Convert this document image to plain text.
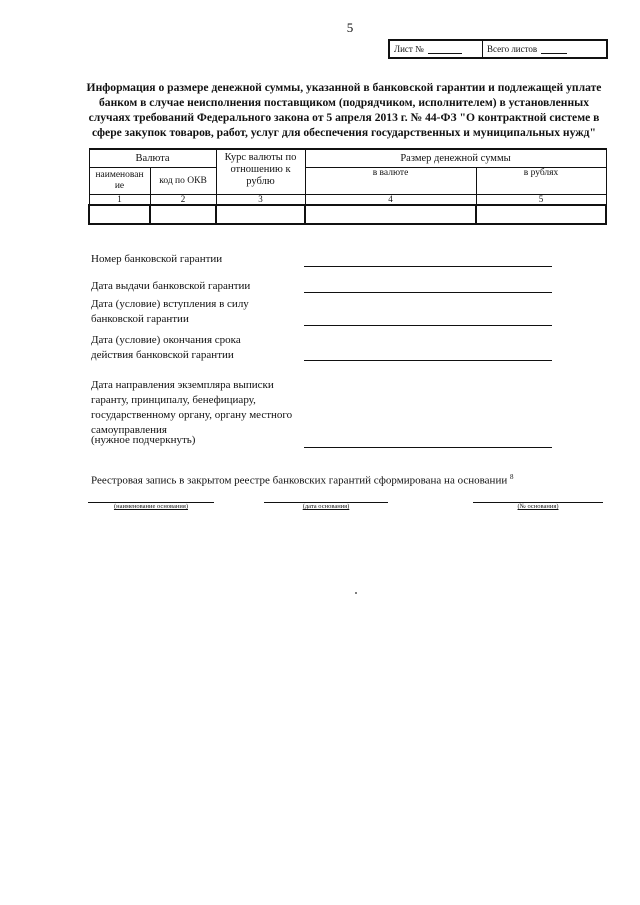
5
Лист №	Всего листов
Информация о размере денежной суммы, указанной в банковской гарантии и подлежащей уплате банком в случае неисполнения поставщиком (подрядчиком, исполнителем) в установленных случаях требований Федерального закона от 5 апреля 2013 г. № 44-ФЗ "О контрактной системе в сфере закупок товаров, работ, услуг для обеспечения государственных и муниципальных нужд"
Валюта		Курс валюты по отношению к рублю	Размер денежной суммы	
наименование	код по ОКВ		в валюте	в рублях
1	2	3	4	5

Номер банковской гарантии
Дата выдачи банковской гарантии
Дата (условие) вступления в силу банковской гарантии
Дата (условие) окончания срока действия банковской гарантии
Дата направления экземпляра выписки гаранту, принципалу, бенефициару, государственному органу, органу местного самоуправления
(нужное подчеркнуть)
Реестровая запись в закрытом реестре банковских гарантий сформирована на основании $^8$
(наименование основания)	(дата основания)	(№ основания)
